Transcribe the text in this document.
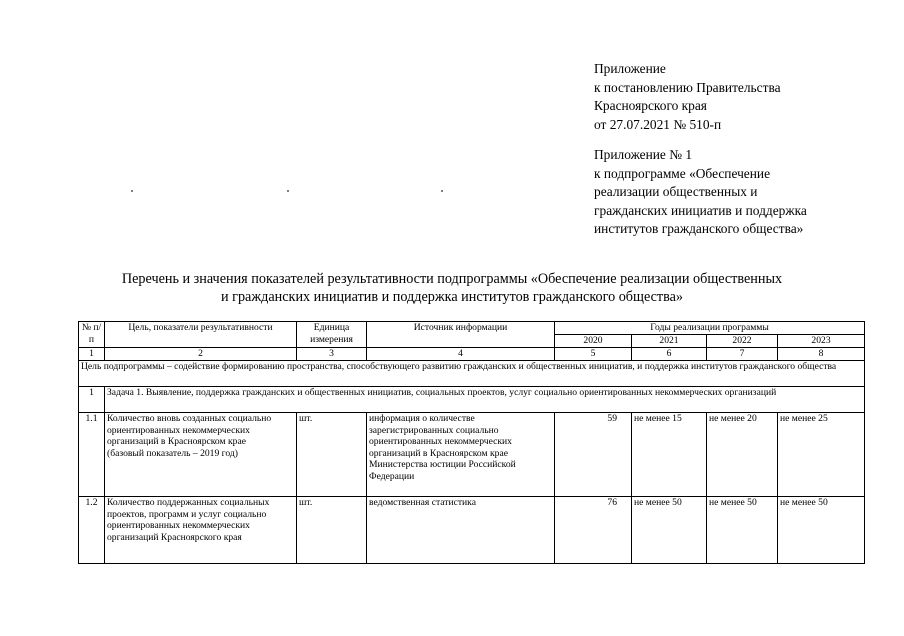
Приложение
к постановлению Правительства
Красноярского края
от 27.07.2021 № 510-п
Приложение № 1
к подпрограмме «Обеспечение
реализации общественных и
гражданских инициатив и поддержка
институтов гражданского общества»
Перечень и значения показателей результативности подпрограммы «Обеспечение реализации общественных
и гражданских инициатив и поддержка институтов гражданского общества»
№ п/п	Цель, показатели результативности	Единица измерения	Источник информации	Годы реализации программы			
				2020	2021	2022	2023
1	2	3	4	5	6	7	8
Цель подпрограммы – содействие формированию пространства, способствующего развитию гражданских и общественных инициатив, и поддержка институтов гражданского общества							
1	Задача 1. Выявление, поддержка гражданских и общественных инициатив, социальных проектов, услуг социально ориентированных некоммерческих организаций						
1.1	Количество вновь созданных социально ориентированных некоммерческих организаций в Красноярском крае (базовый показатель – 2019 год)	шт.	информация о количестве зарегистрированных социально ориентированных некоммерческих организаций в Красноярском крае Министерства юстиции Российской Федерации	59	не менее 15	не менее 20	не менее 25
1.2	Количество поддержанных социальных проектов, программ и услуг социально ориентированных некоммерческих организаций Красноярского края	шт.	ведомственная статистика	76	не менее 50	не менее 50	не менее 50
